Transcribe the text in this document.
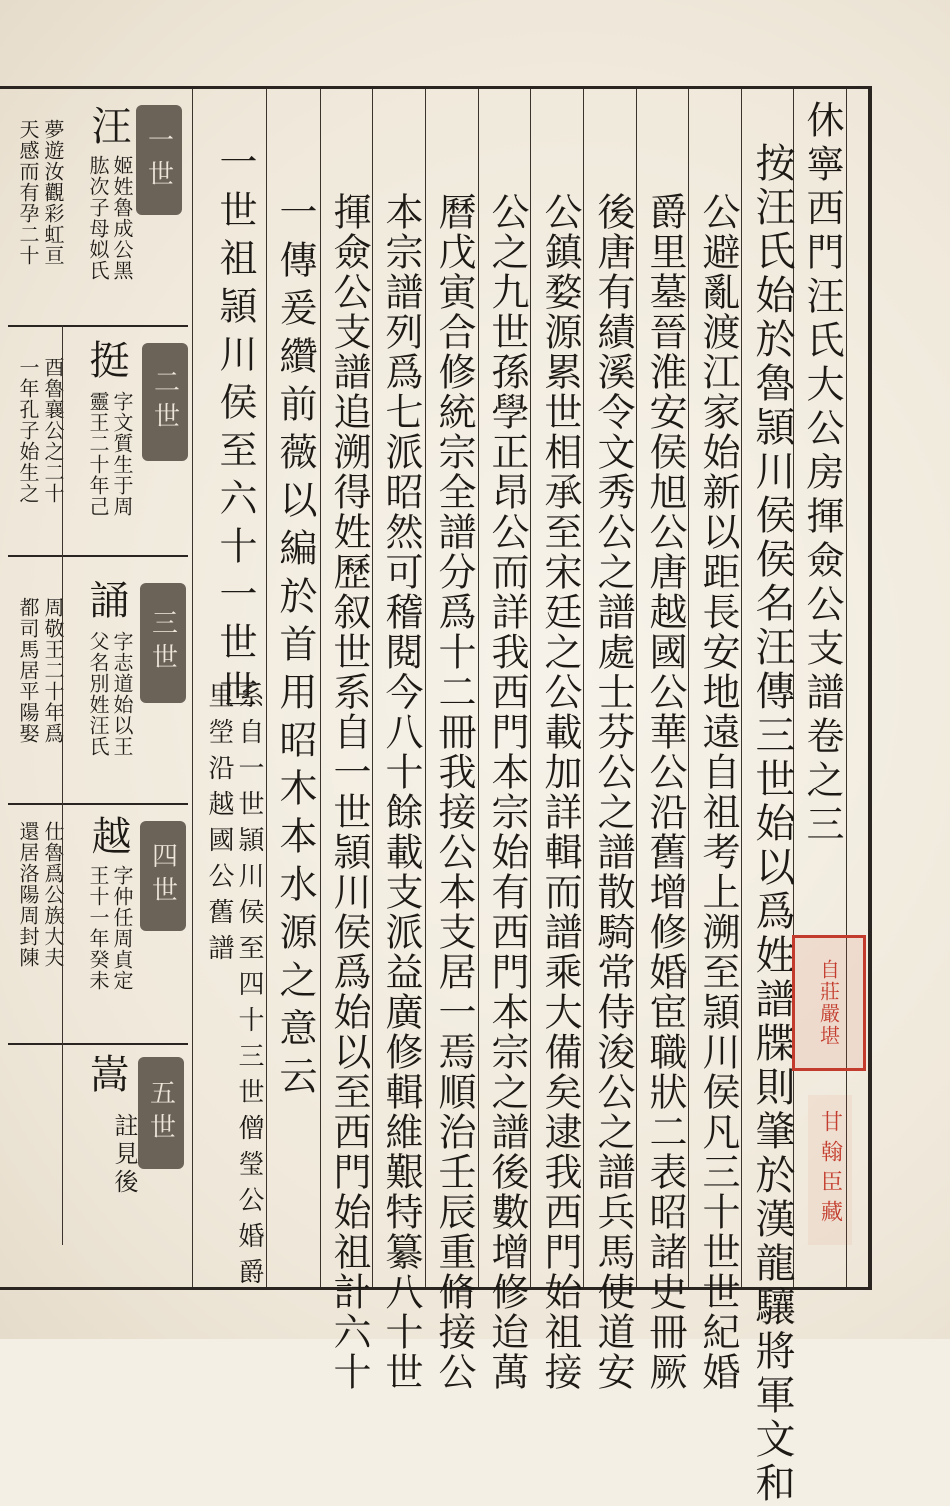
休寧西門汪氏大公房揮僉公支譜卷之三
按汪氏始於魯頴川侯侯名汪傳三世始以爲姓譜牒則肇於漢龍驤將軍文和
公避亂渡江家始新以距長安地遠自祖考上溯至頴川侯凡三十世世紀婚
爵里墓晉淮安侯旭公唐越國公華公沿舊增修婚宦職狀二表昭諸史冊厥
後唐有績溪令文秀公之譜處士芬公之譜散騎常侍浚公之譜兵馬使道安
公鎮婺源累世相承至宋廷之公載加詳輯而譜乘大備矣逮我西門始祖接
公之九世孫學正昂公而詳我西門本宗始有西門本宗之譜後數增修迨萬
曆戊寅合修統宗全譜分爲十二冊我接公本支居一焉順治壬辰重脩接公
本宗譜列爲七派昭然可稽閱今八十餘載支派益廣修輯維艱特纂八十世
揮僉公支譜追溯得姓歷叙世系自一世頴川侯爲始以至西門始祖計六十
一傳爰纘前薇以編於首用昭木本水源之意云
一世祖頴川侯至六十一世世
系自一世頴川侯至四十三世僧瑩公婚爵
里塋沿越國公舊譜
一世
汪
姬姓魯成公黑
肱次子母姒氏
夢遊汝觀彩虹亘
天感而有孕二十
二世
挺
字文質生于周
靈王二十年己
酉魯襄公之二十
一年孔子始生之
三世
誦
字志道始以王
父名別姓汪氏
周敬王二十年爲
都司馬居平陽娶
四世
越
字仲任周貞定
王十一年癸未
仕魯爲公族大夫
還居洛陽周封陳
五世
嵩
註見後
自莊嚴堪
甘翰臣藏
